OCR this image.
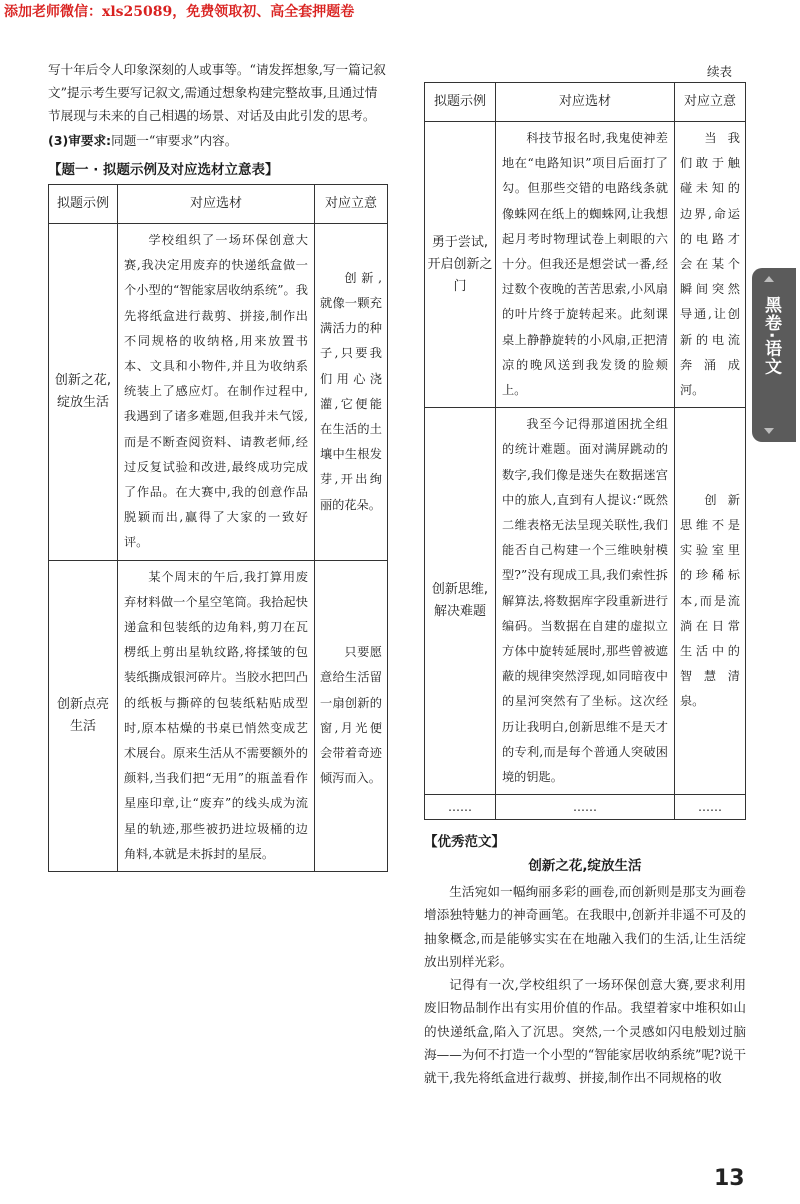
添加老师微信：xls25089，免费领取初、高全套押题卷

写十年后令人印象深刻的人或事等。“请发挥想象,写一篇记叙文”提示考生要写记叙文,需通过想象构建完整故事,且通过情节展现与未来的自己相遇的场景、对话及由此引发的思考。

(3)审要求:同题一“审要求”内容。

【题一 · 拟题示例及对应选材立意表】
拟题示例	对应选材	对应立意
创新之花,绽放生活	学校组织了一场环保创意大赛,我决定用废弃的快递纸盒做一个小型的“智能家居收纳系统”。我先将纸盒进行裁剪、拼接,制作出不同规格的收纳格,用来放置书本、文具和小物件,并且为收纳系统装上了感应灯。在制作过程中,我遇到了诸多难题,但我并未气馁,而是不断查阅资料、请教老师,经过反复试验和改进,最终成功完成了作品。在大赛中,我的创意作品脱颖而出,赢得了大家的一致好评。	创新,就像一颗充满活力的种子,只要我们用心浇灌,它便能在生活的土壤中生根发芽,开出绚丽的花朵。
创新点亮生活	某个周末的午后,我打算用废弃材料做一个星空笔筒。我拾起快递盒和包装纸的边角料,剪刀在瓦楞纸上剪出星轨纹路,将揉皱的包装纸撕成银河碎片。当胶水把凹凸的纸板与撕碎的包装纸粘贴成型时,原本枯燥的书桌已悄然变成艺术展台。原来生活从不需要额外的颜料,当我们把“无用”的瓶盖看作星座印章,让“废弃”的线头成为流星的轨迹,那些被扔进垃圾桶的边角料,本就是未拆封的星辰。	只要愿意给生活留一扇创新的窗,月光便会带着奇迹倾泻而入。
续表
拟题示例	对应选材	对应立意
勇于尝试,开启创新之门	科技节报名时,我鬼使神差地在“电路知识”项目后面打了勾。但那些交错的电路线条就像蛛网在纸上的蜘蛛网,让我想起月考时物理试卷上刺眼的六十分。但我还是想尝试一番,经过数个夜晚的苦苦思索,小风扇的叶片终于旋转起来。此刻课桌上静静旋转的小风扇,正把清凉的晚风送到我发烫的脸颊上。	当我们敢于触碰未知的边界,命运的电路才会在某个瞬间突然导通,让创新的电流奔涌成河。
创新思维,解决难题	我至今记得那道困扰全组的统计难题。面对满屏跳动的数字,我们像是迷失在数据迷宫中的旅人,直到有人提议:“既然二维表格无法呈现关联性,我们能否自己构建一个三维映射模型?”没有现成工具,我们索性拆解算法,将数据库字段重新进行编码。当数据在自建的虚拟立方体中旋转延展时,那些曾被遮蔽的规律突然浮现,如同暗夜中的星河突然有了坐标。这次经历让我明白,创新思维不是天才的专利,而是每个普通人突破困境的钥匙。	创新思维不是实验室里的珍稀标本,而是流淌在日常生活中的智慧清泉。
……	……	……
【优秀范文】
创新之花,绽放生活

生活宛如一幅绚丽多彩的画卷,而创新则是那支为画卷增添独特魅力的神奇画笔。在我眼中,创新并非遥不可及的抽象概念,而是能够实实在在地融入我们的生活,让生活绽放出别样光彩。

记得有一次,学校组织了一场环保创意大赛,要求利用废旧物品制作出有实用价值的作品。我望着家中堆积如山的快递纸盒,陷入了沉思。突然,一个灵感如闪电般划过脑海——为何不打造一个小型的“智能家居收纳系统”呢?说干就干,我先将纸盒进行裁剪、拼接,制作出不同规格的收

黑卷·语文
13
